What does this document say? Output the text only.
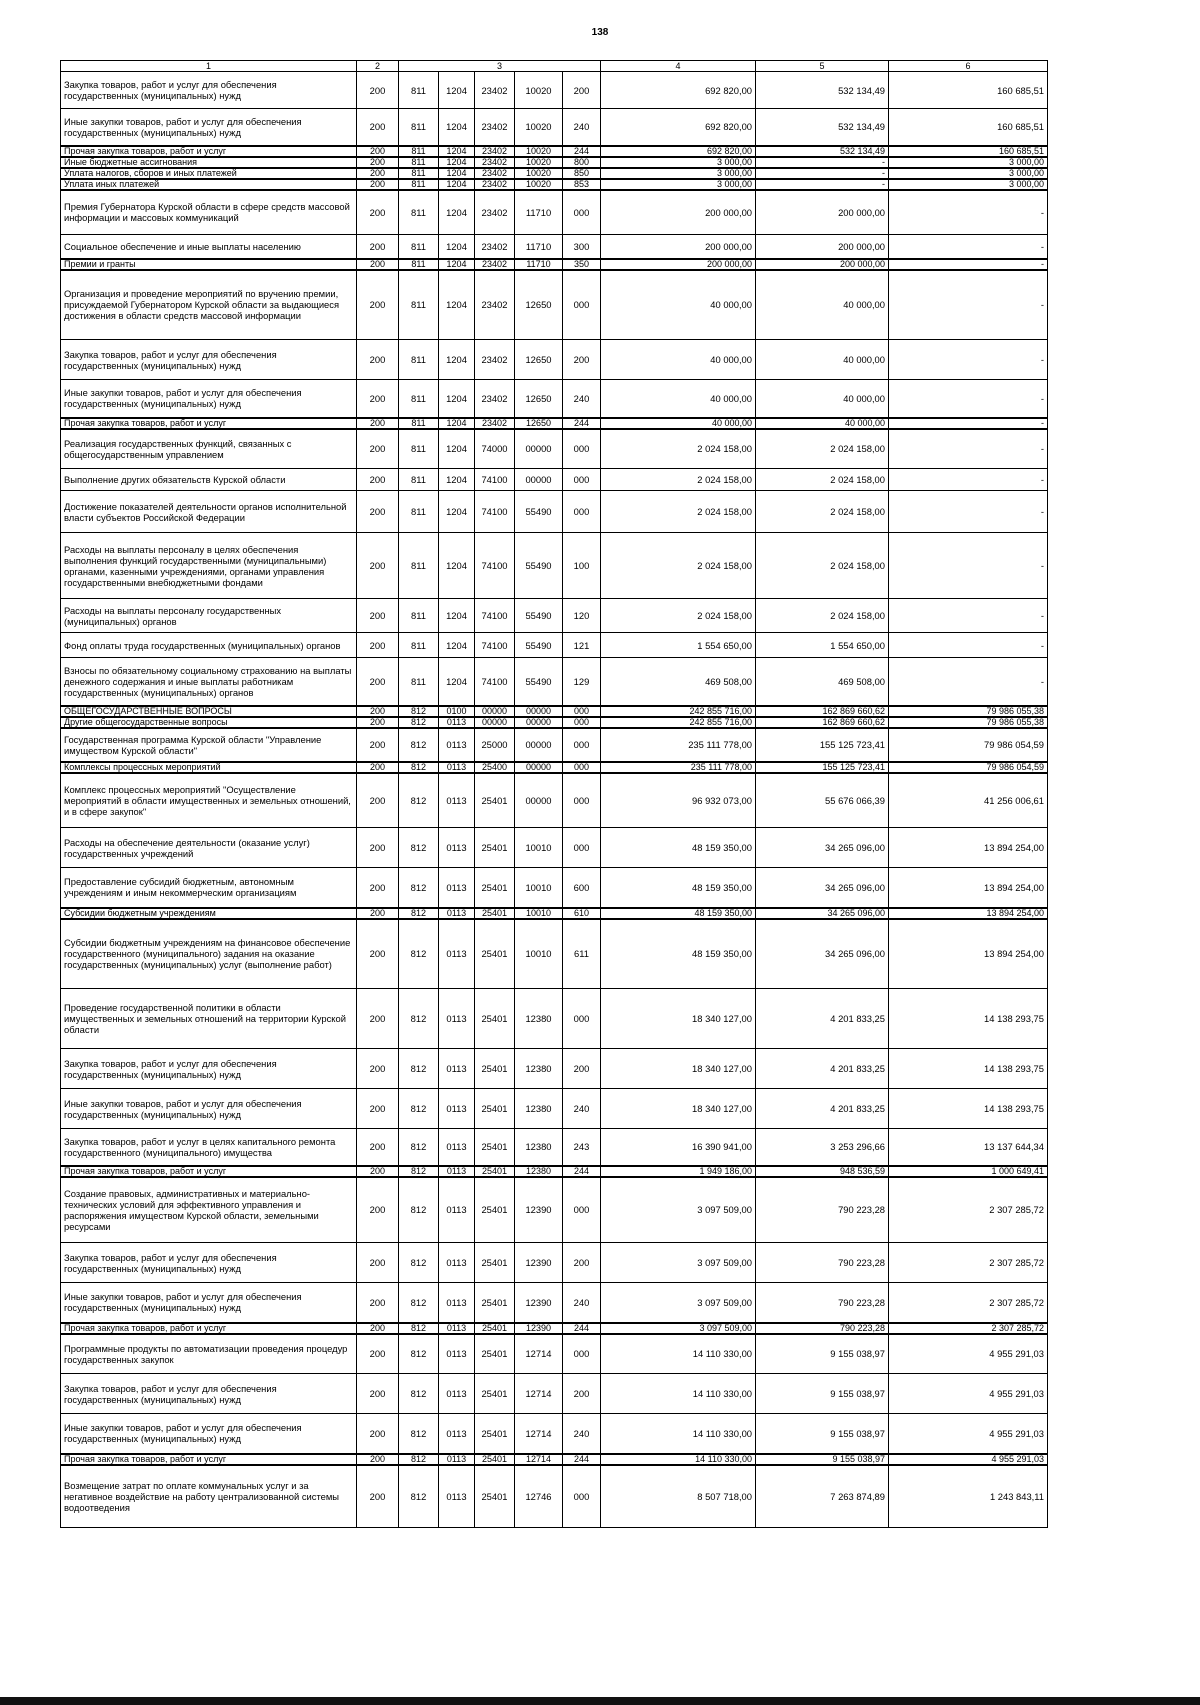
138
1	2	3					4	5	6
Закупка товаров, работ и услуг для обеспечения государственных (муниципальных) нужд	200	811	1204	23402	10020	200	692 820,00	532 134,49	160 685,51
Иные закупки товаров, работ и услуг для обеспечения государственных (муниципальных) нужд	200	811	1204	23402	10020	240	692 820,00	532 134,49	160 685,51
Прочая закупка товаров, работ и услуг	200	811	1204	23402	10020	244	692 820,00	532 134,49	160 685,51
Иные бюджетные ассигнования	200	811	1204	23402	10020	800	3 000,00	-	3 000,00
Уплата налогов, сборов и иных платежей	200	811	1204	23402	10020	850	3 000,00	-	3 000,00
Уплата иных платежей	200	811	1204	23402	10020	853	3 000,00	-	3 000,00
Премия Губернатора Курской области в сфере средств массовой информации и массовых коммуникаций	200	811	1204	23402	11710	000	200 000,00	200 000,00	-
Социальное обеспечение и иные выплаты населению	200	811	1204	23402	11710	300	200 000,00	200 000,00	-
Премии и гранты	200	811	1204	23402	11710	350	200 000,00	200 000,00	-
Организация и проведение мероприятий по вручению премии, присуждаемой Губернатором Курской области за выдающиеся достижения в области средств массовой информации	200	811	1204	23402	12650	000	40 000,00	40 000,00	-
Закупка товаров, работ и услуг для обеспечения государственных (муниципальных) нужд	200	811	1204	23402	12650	200	40 000,00	40 000,00	-
Иные закупки товаров, работ и услуг для обеспечения государственных (муниципальных) нужд	200	811	1204	23402	12650	240	40 000,00	40 000,00	-
Прочая закупка товаров, работ и услуг	200	811	1204	23402	12650	244	40 000,00	40 000,00	-
Реализация государственных функций, связанных с общегосударственным управлением	200	811	1204	74000	00000	000	2 024 158,00	2 024 158,00	-
Выполнение других обязательств Курской области	200	811	1204	74100	00000	000	2 024 158,00	2 024 158,00	-
Достижение показателей деятельности органов исполнительной власти субъектов Российской Федерации	200	811	1204	74100	55490	000	2 024 158,00	2 024 158,00	-
Расходы на выплаты персоналу в целях обеспечения выполнения функций государственными (муниципальными) органами, казенными учреждениями, органами управления государственными внебюджетными фондами	200	811	1204	74100	55490	100	2 024 158,00	2 024 158,00	-
Расходы на выплаты персоналу государственных (муниципальных) органов	200	811	1204	74100	55490	120	2 024 158,00	2 024 158,00	-
Фонд оплаты труда государственных (муниципальных) органов	200	811	1204	74100	55490	121	1 554 650,00	1 554 650,00	-
Взносы по обязательному социальному страхованию на выплаты денежного содержания и иные выплаты работникам государственных (муниципальных) органов	200	811	1204	74100	55490	129	469 508,00	469 508,00	-
ОБЩЕГОСУДАРСТВЕННЫЕ ВОПРОСЫ	200	812	0100	00000	00000	000	242 855 716,00	162 869 660,62	79 986 055,38
Другие общегосударственные вопросы	200	812	0113	00000	00000	000	242 855 716,00	162 869 660,62	79 986 055,38
Государственная программа Курской области "Управление имуществом Курской области"	200	812	0113	25000	00000	000	235 111 778,00	155 125 723,41	79 986 054,59
Комплексы процессных мероприятий	200	812	0113	25400	00000	000	235 111 778,00	155 125 723,41	79 986 054,59
Комплекс процессных мероприятий "Осуществление мероприятий в области имущественных и земельных отношений, и в сфере закупок"	200	812	0113	25401	00000	000	96 932 073,00	55 676 066,39	41 256 006,61
Расходы на обеспечение деятельности (оказание услуг) государственных учреждений	200	812	0113	25401	10010	000	48 159 350,00	34 265 096,00	13 894 254,00
Предоставление субсидий бюджетным, автономным учреждениям и иным некоммерческим организациям	200	812	0113	25401	10010	600	48 159 350,00	34 265 096,00	13 894 254,00
Субсидии бюджетным учреждениям	200	812	0113	25401	10010	610	48 159 350,00	34 265 096,00	13 894 254,00
Субсидии бюджетным учреждениям на финансовое обеспечение государственного (муниципального) задания на оказание государственных (муниципальных) услуг (выполнение работ)	200	812	0113	25401	10010	611	48 159 350,00	34 265 096,00	13 894 254,00
Проведение государственной политики в области имущественных и земельных отношений на территории Курской области	200	812	0113	25401	12380	000	18 340 127,00	4 201 833,25	14 138 293,75
Закупка товаров, работ и услуг для обеспечения государственных (муниципальных) нужд	200	812	0113	25401	12380	200	18 340 127,00	4 201 833,25	14 138 293,75
Иные закупки товаров, работ и услуг для обеспечения государственных (муниципальных) нужд	200	812	0113	25401	12380	240	18 340 127,00	4 201 833,25	14 138 293,75
Закупка товаров, работ и услуг в целях капитального ремонта государственного (муниципального) имущества	200	812	0113	25401	12380	243	16 390 941,00	3 253 296,66	13 137 644,34
Прочая закупка товаров, работ и услуг	200	812	0113	25401	12380	244	1 949 186,00	948 536,59	1 000 649,41
Создание правовых, административных и материально-технических условий для эффективного управления и распоряжения имуществом Курской области, земельными ресурсами	200	812	0113	25401	12390	000	3 097 509,00	790 223,28	2 307 285,72
Закупка товаров, работ и услуг для обеспечения государственных (муниципальных) нужд	200	812	0113	25401	12390	200	3 097 509,00	790 223,28	2 307 285,72
Иные закупки товаров, работ и услуг для обеспечения государственных (муниципальных) нужд	200	812	0113	25401	12390	240	3 097 509,00	790 223,28	2 307 285,72
Прочая закупка товаров, работ и услуг	200	812	0113	25401	12390	244	3 097 509,00	790 223,28	2 307 285,72
Программные продукты по автоматизации проведения процедур государственных закупок	200	812	0113	25401	12714	000	14 110 330,00	9 155 038,97	4 955 291,03
Закупка товаров, работ и услуг для обеспечения государственных (муниципальных) нужд	200	812	0113	25401	12714	200	14 110 330,00	9 155 038,97	4 955 291,03
Иные закупки товаров, работ и услуг для обеспечения государственных (муниципальных) нужд	200	812	0113	25401	12714	240	14 110 330,00	9 155 038,97	4 955 291,03
Прочая закупка товаров, работ и услуг	200	812	0113	25401	12714	244	14 110 330,00	9 155 038,97	4 955 291,03
Возмещение затрат по оплате коммунальных услуг и за негативное воздействие на работу централизованной системы водоотведения	200	812	0113	25401	12746	000	8 507 718,00	7 263 874,89	1 243 843,11
